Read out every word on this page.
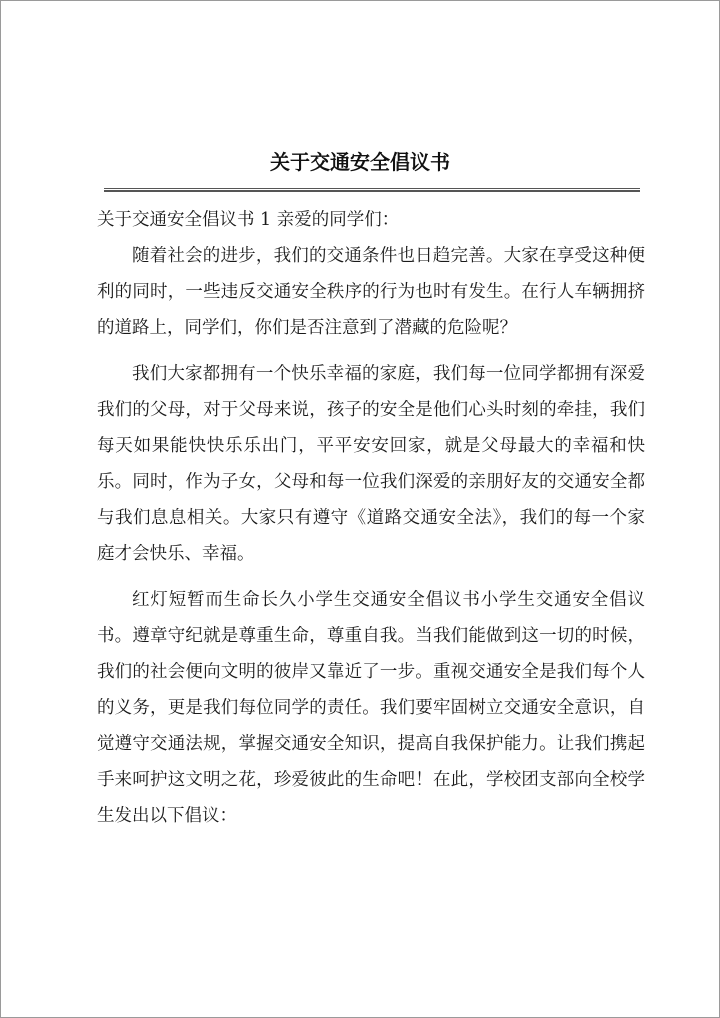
关于交通安全倡议书
关于交通安全倡议书 1 亲爱的同学们：

随着社会的进步，我们的交通条件也日趋完善。大家在享受这种便利的同时，一些违反交通安全秩序的行为也时有发生。在行人车辆拥挤的道路上，同学们，你们是否注意到了潜藏的危险呢？

我们大家都拥有一个快乐幸福的家庭，我们每一位同学都拥有深爱我们的父母，对于父母来说，孩子的安全是他们心头时刻的牵挂，我们每天如果能快快乐乐出门，平平安安回家，就是父母最大的幸福和快乐。同时，作为子女，父母和每一位我们深爱的亲朋好友的交通安全都与我们息息相关。大家只有遵守《道路交通安全法》，我们的每一个家庭才会快乐、幸福。

红灯短暂而生命长久小学生交通安全倡议书小学生交通安全倡议书。遵章守纪就是尊重生命，尊重自我。当我们能做到这一切的时候，我们的社会便向文明的彼岸又靠近了一步。重视交通安全是我们每个人的义务，更是我们每位同学的责任。我们要牢固树立交通安全意识，自觉遵守交通法规，掌握交通安全知识，提高自我保护能力。让我们携起手来呵护这文明之花，珍爱彼此的生命吧！在此，学校团支部向全校学生发出以下倡议：
